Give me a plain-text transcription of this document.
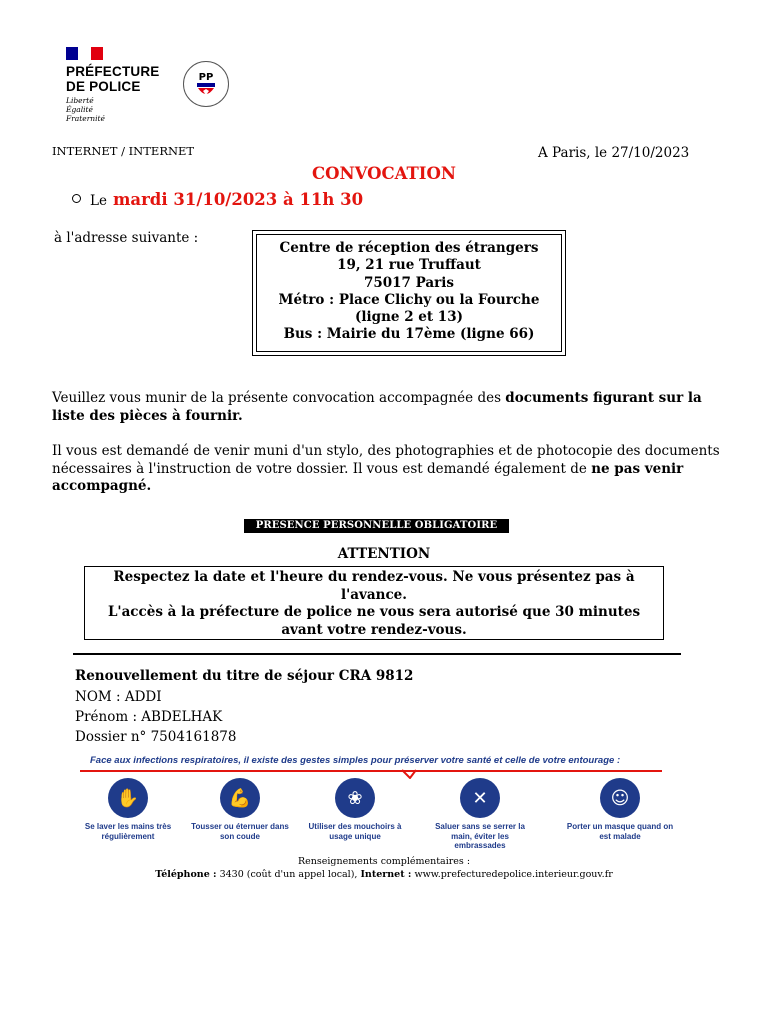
PRÉFECTURE
DE POLICE
Liberté
Égalité
Fraternité
PP
INTERNET / INTERNET	A Paris, le 27/10/2023
CONVOCATION
Le mardi 31/10/2023 à 11h 30
à l'adresse suivante :
Centre de réception des étrangers
19, 21 rue Truffaut
75017 Paris
Métro : Place Clichy ou la Fourche
(ligne 2 et 13)
Bus : Mairie du 17ème (ligne 66)
Veuillez vous munir de la présente convocation accompagnée des documents figurant sur la liste des pièces à fournir.
Il vous est demandé de venir muni d'un stylo, des photographies et de photocopie des documents nécessaires à l'instruction de votre dossier. Il vous est demandé également de ne pas venir accompagné.
PRESENCE PERSONNELLE OBLIGATOIRE
ATTENTION
Respectez la date et l'heure du rendez-vous. Ne vous présentez pas à l'avance.
L'accès à la préfecture de police ne vous sera autorisé que 30 minutes avant votre rendez-vous.
Renouvellement du titre de séjour CRA 9812
NOM : ADDI
Prénom : ABDELHAK
Dossier n° 7504161878
Face aux infections respiratoires, il existe des gestes simples pour préserver votre santé et celle de votre entourage :
✋
Se laver les mains très régulièrement
💪
Tousser ou éternuer dans son coude
❀
Utiliser des mouchoirs à usage unique
✕
Saluer sans se serrer la main, éviter les embrassades
☺
Porter un masque quand on est malade
Renseignements complémentaires :
Téléphone : 3430 (coût d'un appel local), Internet : www.prefecturedepolice.interieur.gouv.fr
